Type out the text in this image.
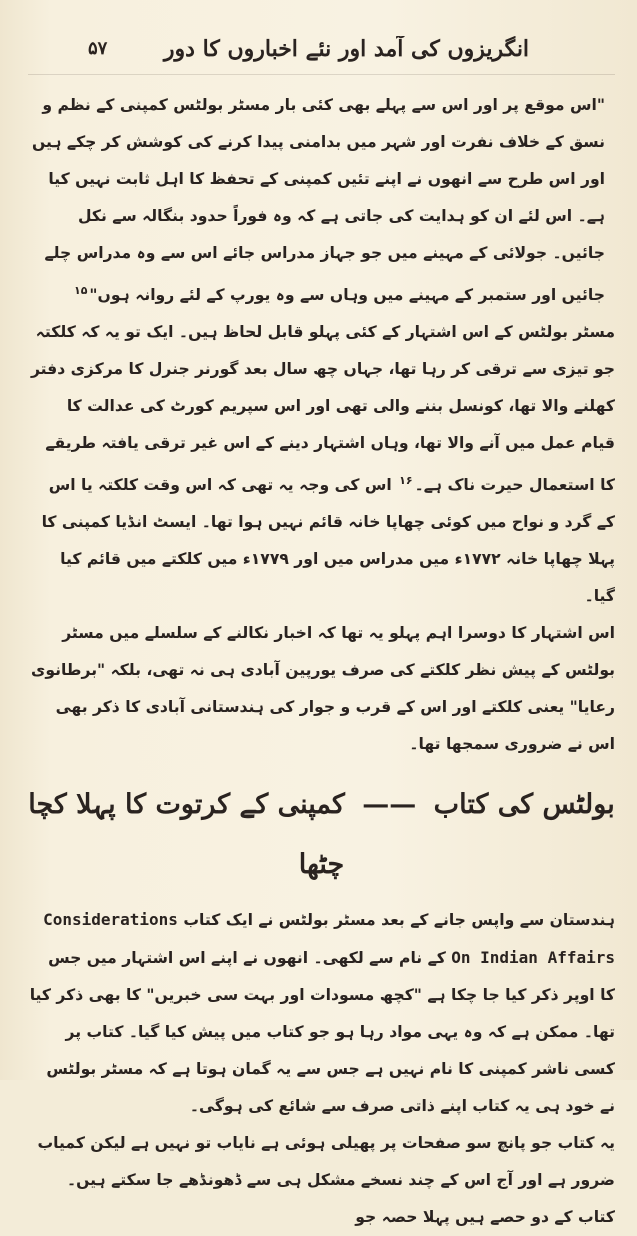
۵۷	انگریزوں کی آمد اور نئے اخباروں کا دور

"اس موقع پر اور اس سے پہلے بھی کئی بار مسٹر بولٹس کمپنی کے نظم و نسق کے خلاف نفرت اور شہر میں بدامنی پیدا کرنے کی کوشش کر چکے ہیں اور اس طرح سے انھوں نے اپنے تئیں کمپنی کے تحفظ کا اہل ثابت نہیں کیا ہے۔ اس لئے ان کو ہدایت کی جاتی ہے کہ وہ فوراً حدود بنگالہ سے نکل جائیں۔ جولائی کے مہینے میں جو جہاز مدراس جائے اس سے وہ مدراس چلے جائیں اور ستمبر کے مہینے میں وہاں سے وہ یورپ کے لئے روانہ ہوں"$^{۱۵}$

مسٹر بولٹس کے اس اشتہار کے کئی پہلو قابل لحاظ ہیں۔ ایک تو یہ کہ کلکتہ جو تیزی سے ترقی کر رہا تھا، جہاں چھ سال بعد گورنر جنرل کا مرکزی دفتر کھلنے والا تھا، کونسل بننے والی تھی اور اس سپریم کورٹ کی عدالت کا قیام عمل میں آنے والا تھا، وہاں اشتہار دینے کے اس غیر ترقی یافتہ طریقے کا استعمال حیرت ناک ہے۔$^{۱۶}$ اس کی وجہ یہ تھی کہ اس وقت کلکتہ یا اس کے گرد و نواح میں کوئی چھاپا خانہ قائم نہیں ہوا تھا۔ ایسٹ انڈیا کمپنی کا پہلا چھاپا خانہ ۱۷۷۲ء میں مدراس میں اور ۱۷۷۹ء میں کلکتے میں قائم کیا گیا۔

اس اشتہار کا دوسرا اہم پہلو یہ تھا کہ اخبار نکالنے کے سلسلے میں مسٹر بولٹس کے پیش نظر کلکتے کی صرف یورپین آبادی ہی نہ تھی، بلکہ "برطانوی رعایا" یعنی کلکتے اور اس کے قرب و جوار کی ہندستانی آبادی کا ذکر بھی اس نے ضروری سمجھا تھا۔

بولٹس کی کتاب —— کمپنی کے کرتوت کا پہلا کچا چٹھا

ہندستان سے واپس جانے کے بعد مسٹر بولٹس نے ایک کتاب Considerations On Indian Affairs کے نام سے لکھی۔ انھوں نے اپنے اس اشتہار میں جس کا اوپر ذکر کیا جا چکا ہے "کچھ مسودات اور بہت سی خبریں" کا بھی ذکر کیا تھا۔ ممکن ہے کہ وہ یہی مواد رہا ہو جو کتاب میں پیش کیا گیا۔ کتاب پر کسی ناشر کمپنی کا نام نہیں ہے جس سے یہ گمان ہوتا ہے کہ مسٹر بولٹس نے خود ہی یہ کتاب اپنے ذاتی صرف سے شائع کی ہوگی۔

یہ کتاب جو پانچ سو صفحات پر پھیلی ہوئی ہے نایاب تو نہیں ہے لیکن کمیاب ضرور ہے اور آج اس کے چند نسخے مشکل ہی سے ڈھونڈھے جا سکتے ہیں۔ کتاب کے دو حصے ہیں پہلا حصہ جو
